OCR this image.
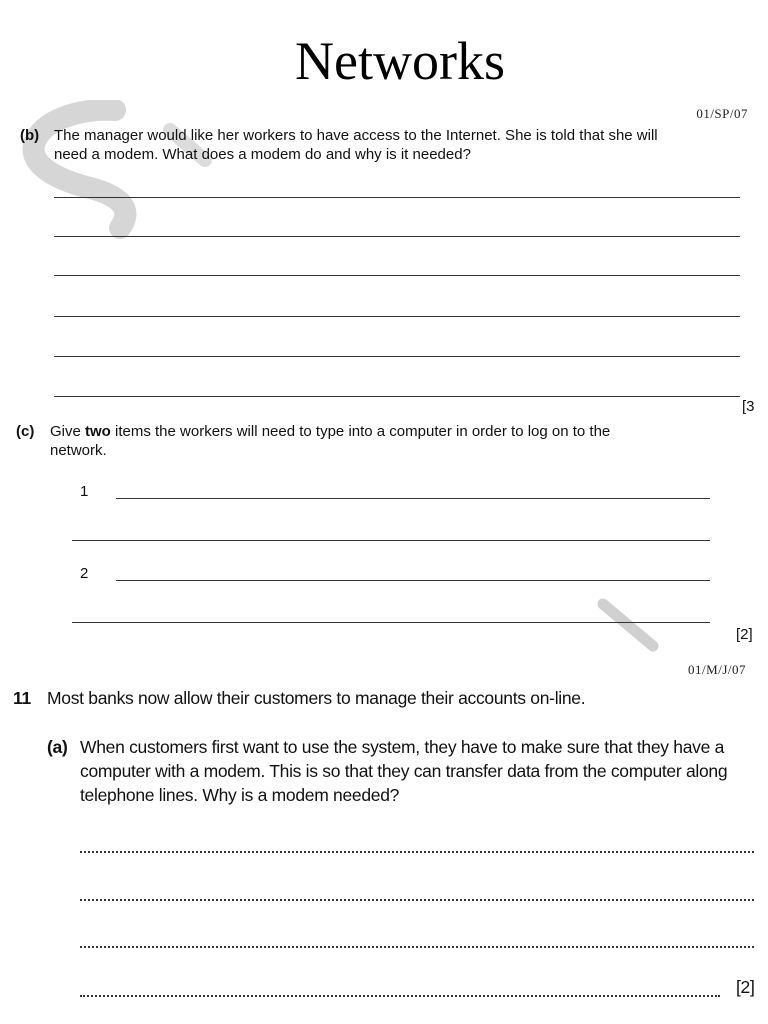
Networks
01/SP/07
(b) The manager would like her workers to have access to the Internet. She is told that she will
need a modem. What does a modem do and why is it needed?
[3
(c) Give two items the workers will need to type into a computer in order to log on to the
network.
1
2
[2]
01/M/J/07
11 Most banks now allow their customers to manage their accounts on-line.
(a) When customers first want to use the system, they have to make sure that they have a
computer with a modem. This is so that they can transfer data from the computer along
telephone lines. Why is a modem needed?
[2]
